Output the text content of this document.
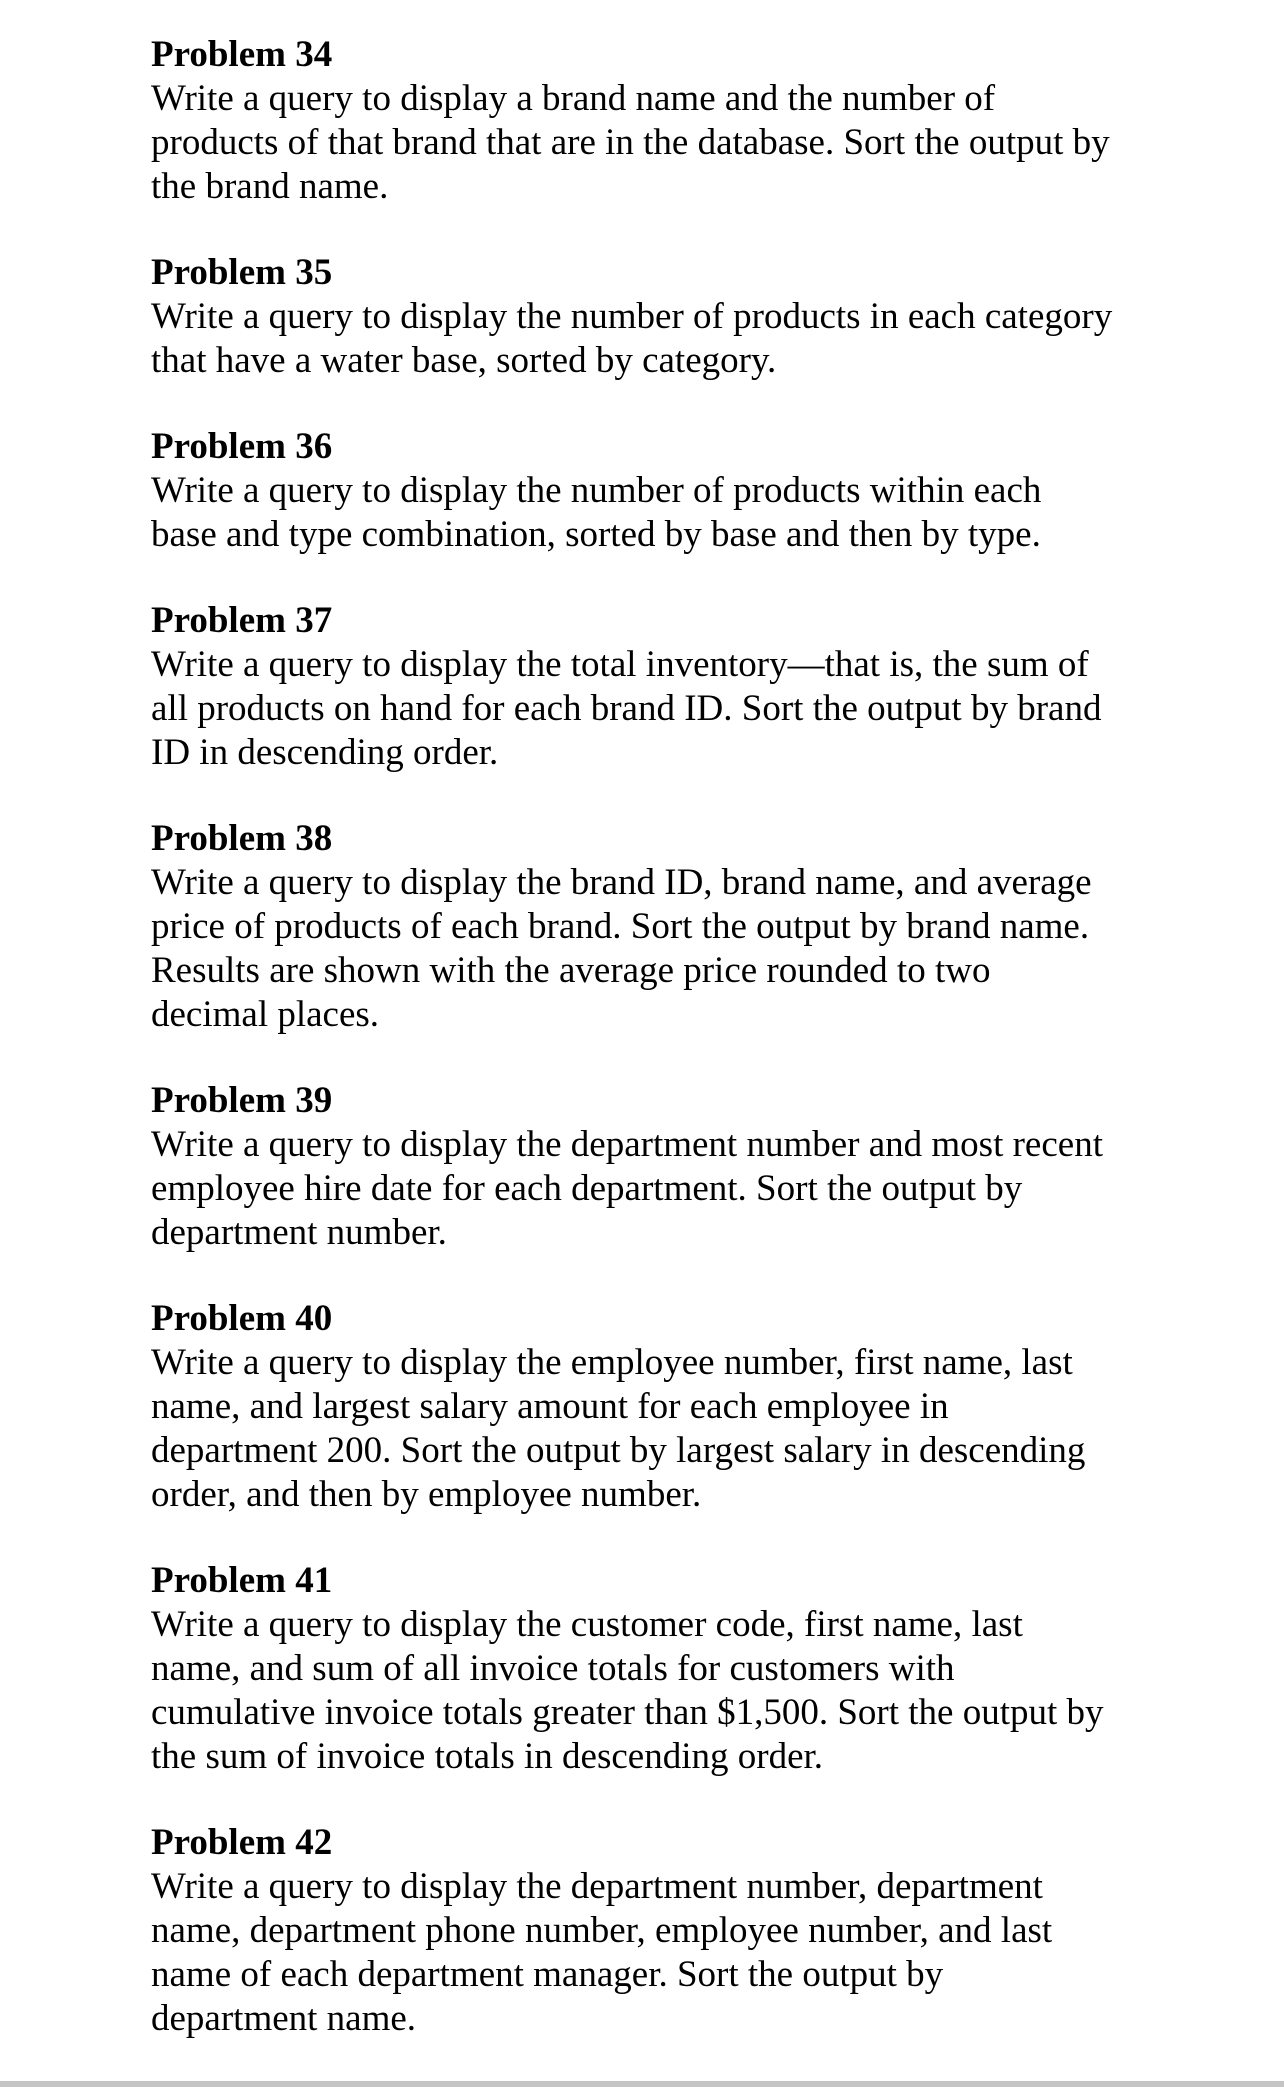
Problem 34
Write a query to display a brand name and the number of
products of that brand that are in the database. Sort the output by
the brand name.
Problem 35
Write a query to display the number of products in each category
that have a water base, sorted by category.
Problem 36
Write a query to display the number of products within each
base and type combination, sorted by base and then by type.
Problem 37
Write a query to display the total inventory—that is, the sum of
all products on hand for each brand ID. Sort the output by brand
ID in descending order.
Problem 38
Write a query to display the brand ID, brand name, and average
price of products of each brand. Sort the output by brand name.
Results are shown with the average price rounded to two
decimal places.
Problem 39
Write a query to display the department number and most recent
employee hire date for each department. Sort the output by
department number.
Problem 40
Write a query to display the employee number, first name, last
name, and largest salary amount for each employee in
department 200. Sort the output by largest salary in descending
order, and then by employee number.
Problem 41
Write a query to display the customer code, first name, last
name, and sum of all invoice totals for customers with
cumulative invoice totals greater than $1,500. Sort the output by
the sum of invoice totals in descending order.
Problem 42
Write a query to display the department number, department
name, department phone number, employee number, and last
name of each department manager. Sort the output by
department name.
